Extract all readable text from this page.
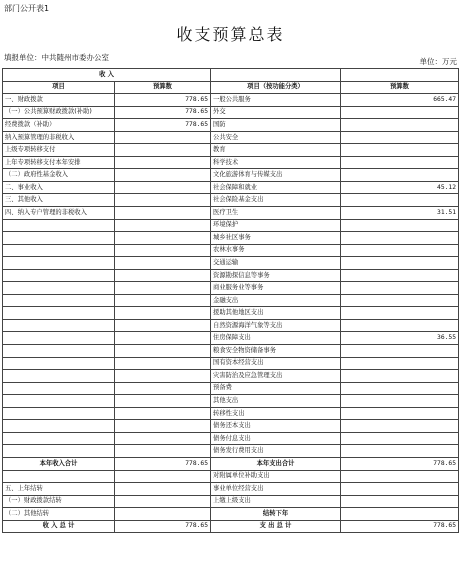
部门公开表1
收支预算总表
填报单位：中共随州市委办公室	单位：万元
收 入			
项目	预算数	项目（按功能分类）	预算数
一、财政拨款	778.65	一般公共服务	665.47
（一）公共预算财政拨款(补助)	778.65	外交	
经费拨款（补助）	778.65	国防	
纳入预算管理的非税收入		公共安全	
上级专项转移支付		教育	
上年专项转移支付本年安排		科学技术	
（二）政府性基金收入		文化旅游体育与传媒支出	
二、事业收入		社会保障和就业	45.12
三、其他收入		社会保险基金支出	
四、纳入专户管理的非税收入		医疗卫生	31.51
		环境保护	
		城乡社区事务	
		农林水事务	
		交通运输	
		资源勘探信息等事务	
		商业服务业等事务	
		金融支出	
		援助其他地区支出	
		自然资源海洋气象等支出	
		住房保障支出	36.55
		粮食安全物资储备事务	
		国有资本经营支出	
		灾害防治及应急管理支出	
		预备费	
		其他支出	
		转移性支出	
		债务还本支出	
		债务付息支出	
		债务发行费用支出	
本年收入合计	778.65	本年支出合计	778.65
		对附属单位补助支出	
五、上年结转		事业单位经营支出	
（一）财政拨款结转		上缴上级支出	
（二）其他结转		结转下年	
收 入 总 计	778.65	支 出 总 计	778.65
